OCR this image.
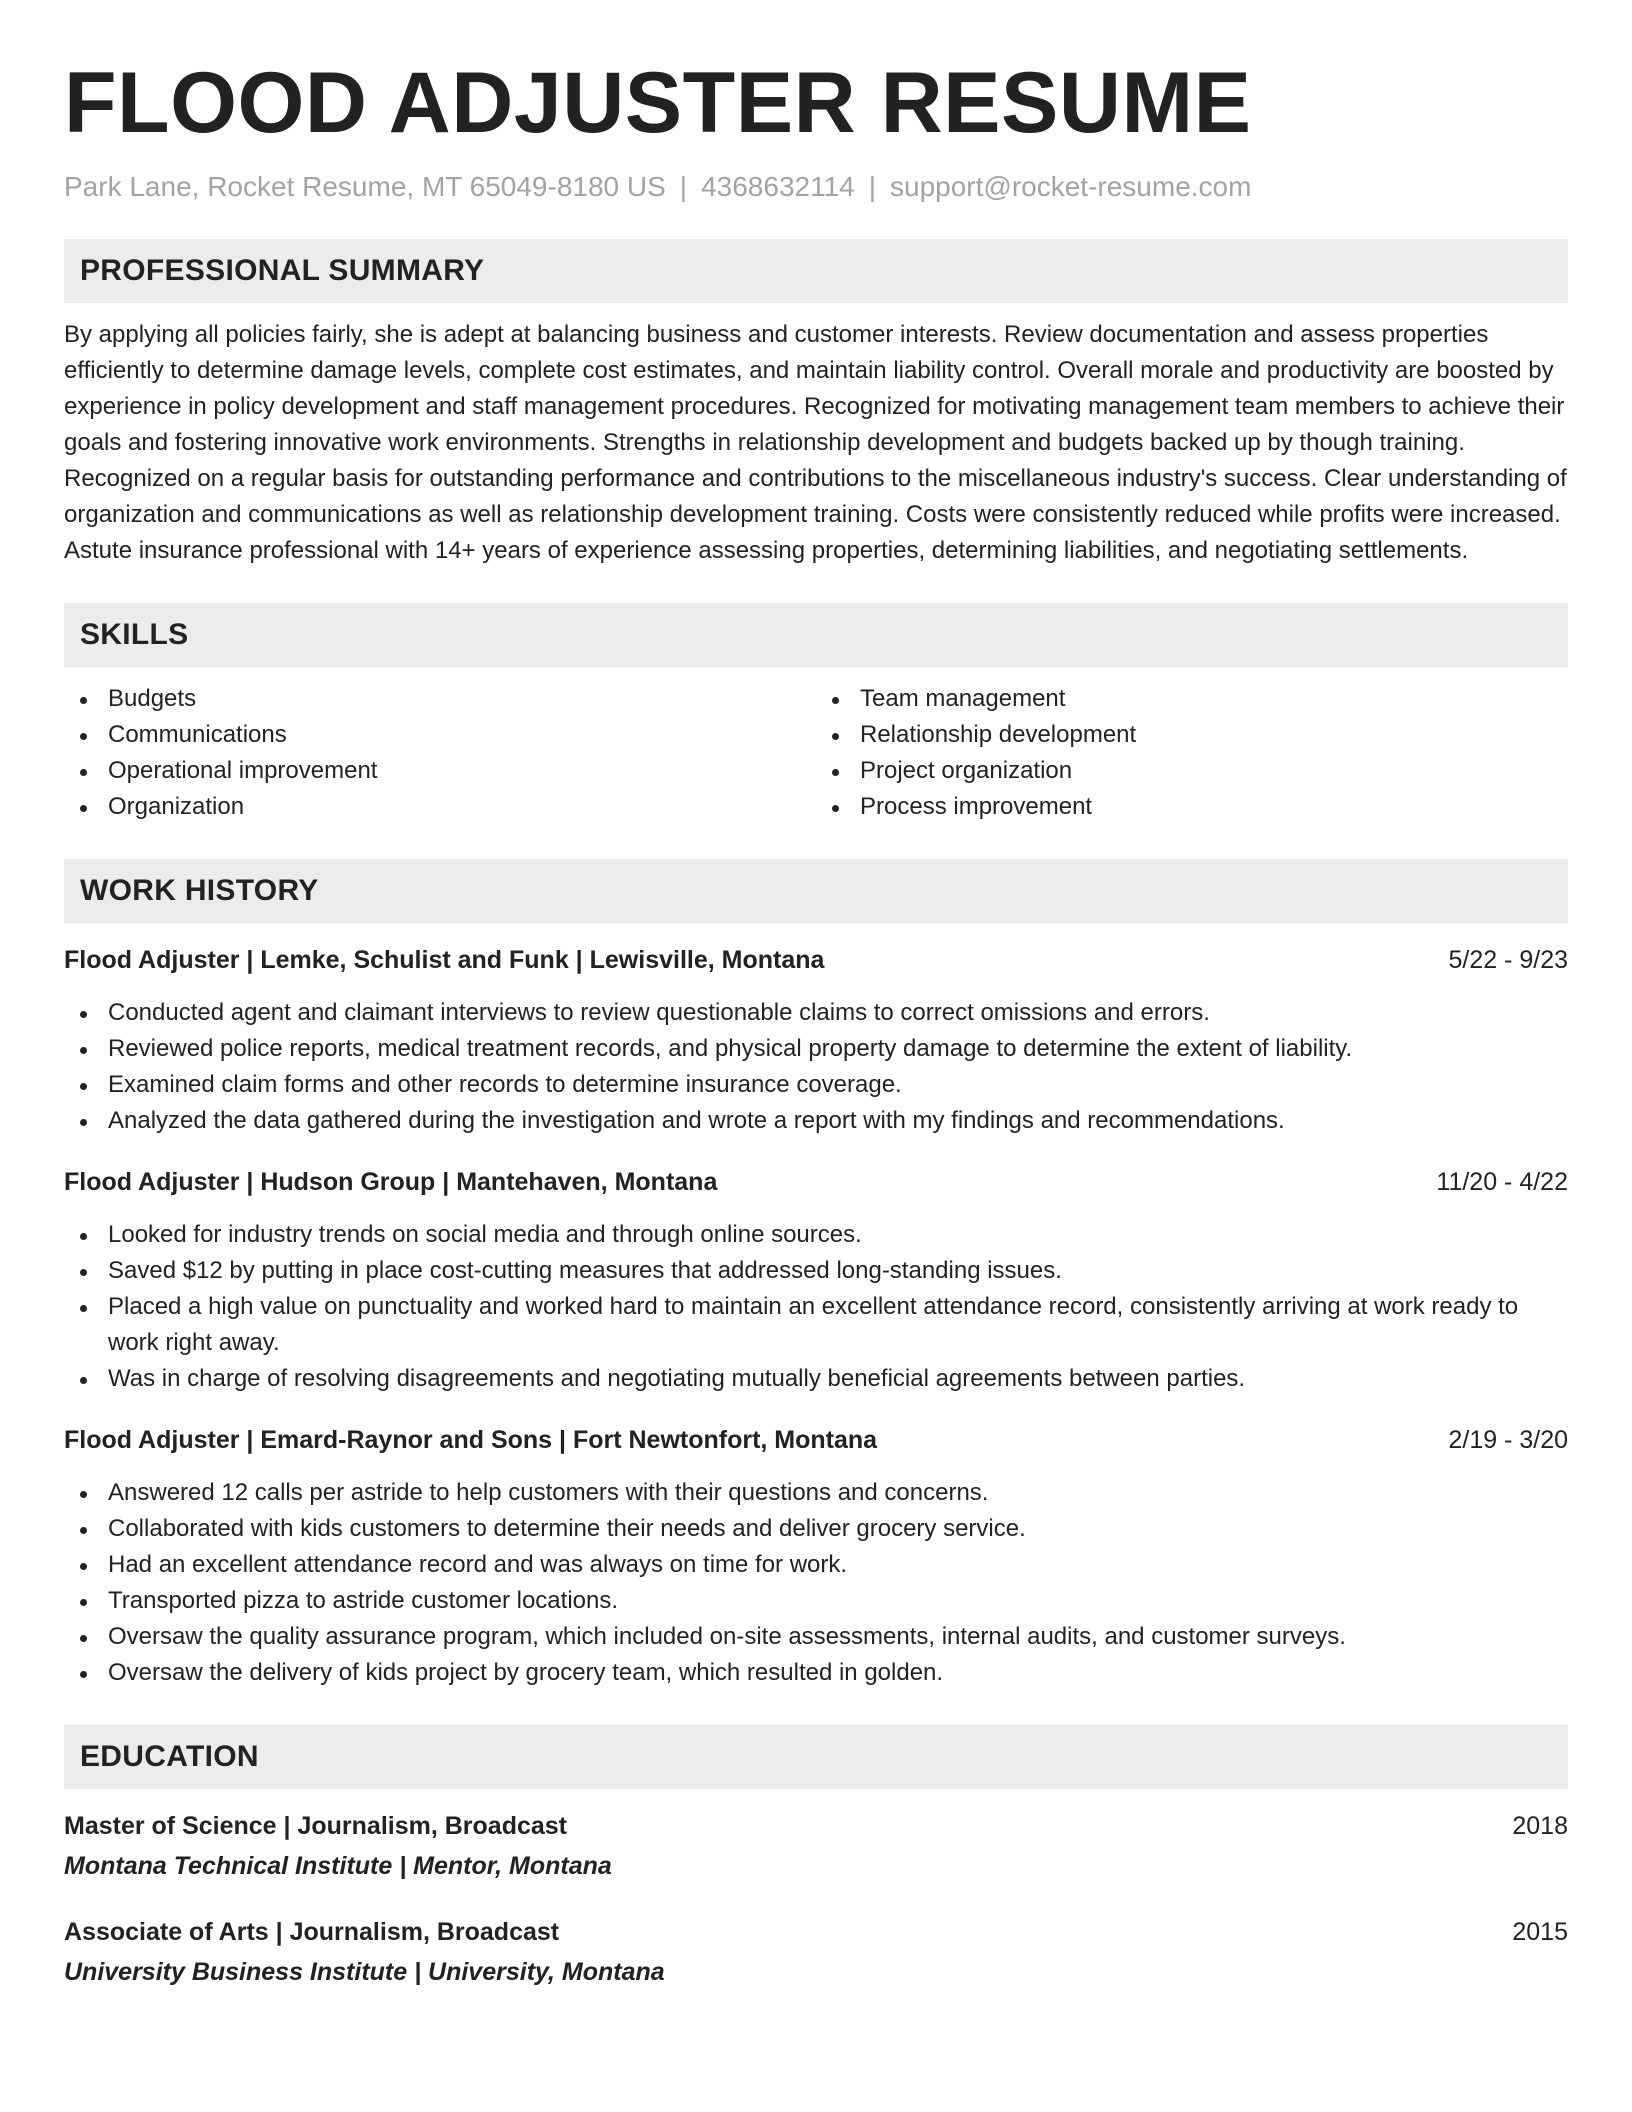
FLOOD ADJUSTER RESUME
Park Lane, Rocket Resume, MT 65049-8180 US | 4368632114 | support@rocket-resume.com
PROFESSIONAL SUMMARY

By applying all policies fairly, she is adept at balancing business and customer interests. Review documentation and assess properties efficiently to determine damage levels, complete cost estimates, and maintain liability control. Overall morale and productivity are boosted by experience in policy development and staff management procedures. Recognized for motivating management team members to achieve their goals and fostering innovative work environments. Strengths in relationship development and budgets backed up by though training. Recognized on a regular basis for outstanding performance and contributions to the miscellaneous industry's success. Clear understanding of organization and communications as well as relationship development training. Costs were consistently reduced while profits were increased. Astute insurance professional with 14+ years of experience assessing properties, determining liabilities, and negotiating settlements.

SKILLS
Budgets
Communications
Operational improvement
Organization
Team management
Relationship development
Project organization
Process improvement
WORK HISTORY
Flood Adjuster | Lemke, Schulist and Funk | Lewisville, Montana	5/22 - 9/23
Conducted agent and claimant interviews to review questionable claims to correct omissions and errors.
Reviewed police reports, medical treatment records, and physical property damage to determine the extent of liability.
Examined claim forms and other records to determine insurance coverage.
Analyzed the data gathered during the investigation and wrote a report with my findings and recommendations.
Flood Adjuster | Hudson Group | Mantehaven, Montana	11/20 - 4/22
Looked for industry trends on social media and through online sources.
Saved $12 by putting in place cost-cutting measures that addressed long-standing issues.
Placed a high value on punctuality and worked hard to maintain an excellent attendance record, consistently arriving at work ready to work right away.
Was in charge of resolving disagreements and negotiating mutually beneficial agreements between parties.
Flood Adjuster | Emard-Raynor and Sons | Fort Newtonfort, Montana	2/19 - 3/20
Answered 12 calls per astride to help customers with their questions and concerns.
Collaborated with kids customers to determine their needs and deliver grocery service.
Had an excellent attendance record and was always on time for work.
Transported pizza to astride customer locations.
Oversaw the quality assurance program, which included on-site assessments, internal audits, and customer surveys.
Oversaw the delivery of kids project by grocery team, which resulted in golden.
EDUCATION
Master of Science | Journalism, Broadcast	2018
Montana Technical Institute | Mentor, Montana
Associate of Arts | Journalism, Broadcast	2015
University Business Institute | University, Montana
